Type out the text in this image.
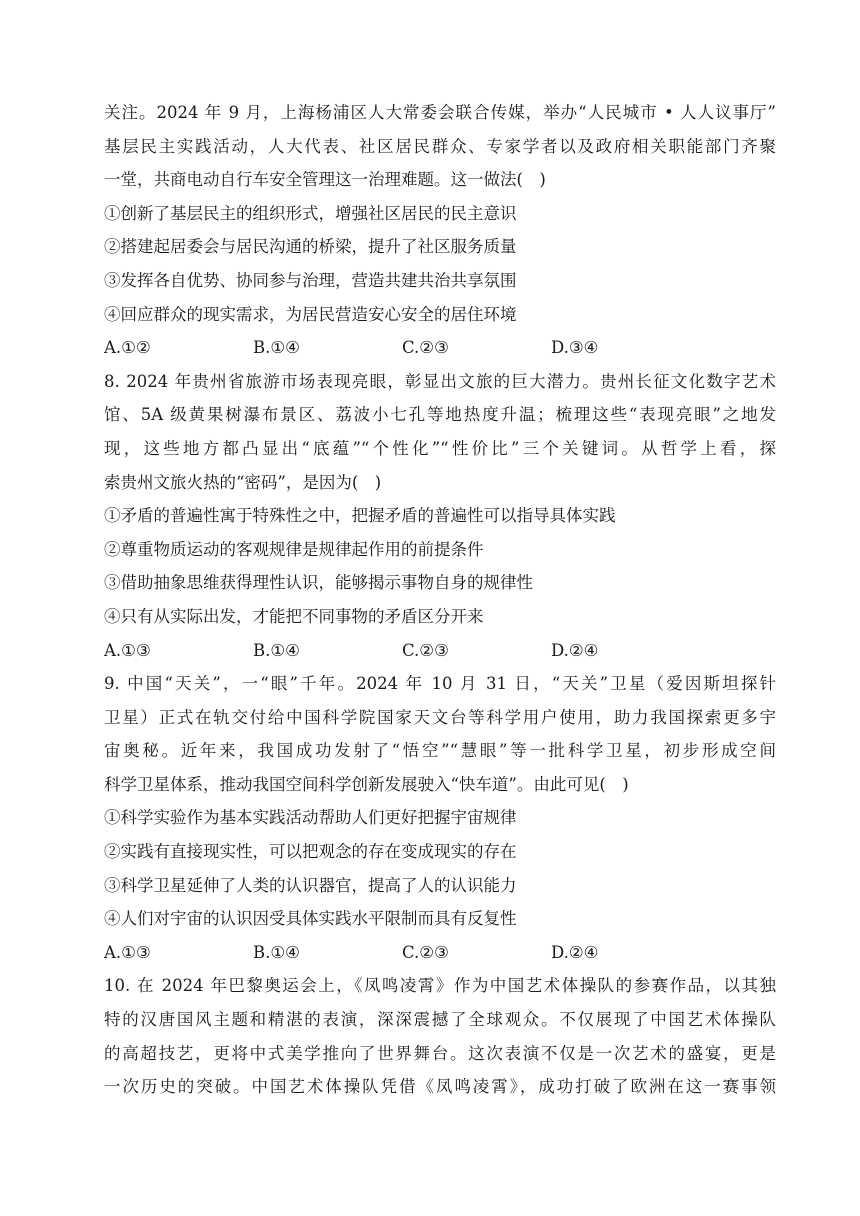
关注。2024 年 9 月，上海杨浦区人大常委会联合传媒，举办“人民城市 • 人人议事厅”
基层民主实践活动，人大代表、社区居民群众、专家学者以及政府相关职能部门齐聚
一堂，共商电动自行车安全管理这一治理难题。这一做法(　)
①创新了基层民主的组织形式，增强社区居民的民主意识
②搭建起居委会与居民沟通的桥梁，提升了社区服务质量
③发挥各自优势、协同参与治理，营造共建共治共享氛围
④回应群众的现实需求，为居民营造安心安全的居住环境
A.①②	B.①④	C.②③	D.③④
8. 2024 年贵州省旅游市场表现亮眼，彰显出文旅的巨大潜力。贵州长征文化数字艺术
馆、5A 级黄果树瀑布景区、荔波小七孔等地热度升温；梳理这些“表现亮眼”之地发
现，这些地方都凸显出“底蕴”“个性化”“性价比”三个关键词。从哲学上看，探
索贵州文旅火热的“密码”，是因为(　)
①矛盾的普遍性寓于特殊性之中，把握矛盾的普遍性可以指导具体实践
②尊重物质运动的客观规律是规律起作用的前提条件
③借助抽象思维获得理性认识，能够揭示事物自身的规律性
④只有从实际出发，才能把不同事物的矛盾区分开来
A.①③	B.①④	C.②③	D.②④
9. 中国“天关”，一“眼”千年。2024 年 10 月 31 日，“天关”卫星（爱因斯坦探针
卫星）正式在轨交付给中国科学院国家天文台等科学用户使用，助力我国探索更多宇
宙奥秘。近年来，我国成功发射了“悟空”“慧眼”等一批科学卫星，初步形成空间
科学卫星体系，推动我国空间科学创新发展驶入“快车道”。由此可见(　)
①科学实验作为基本实践活动帮助人们更好把握宇宙规律
②实践有直接现实性，可以把观念的存在变成现实的存在
③科学卫星延伸了人类的认识器官，提高了人的认识能力
④人们对宇宙的认识因受具体实践水平限制而具有反复性
A.①③	B.①④	C.②③	D.②④
10. 在 2024 年巴黎奥运会上，《凤鸣凌霄》作为中国艺术体操队的参赛作品，以其独
特的汉唐国风主题和精湛的表演，深深震撼了全球观众。不仅展现了中国艺术体操队
的高超技艺，更将中式美学推向了世界舞台。这次表演不仅是一次艺术的盛宴，更是
一次历史的突破。中国艺术体操队凭借《凤鸣凌霄》，成功打破了欧洲在这一赛事领
